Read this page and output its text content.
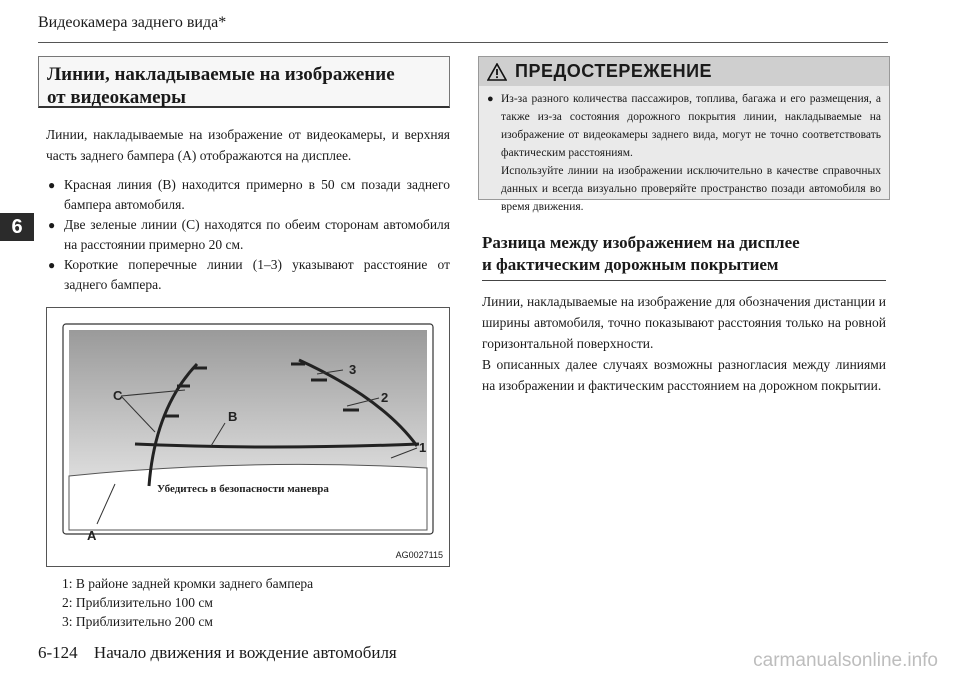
Видеокамера заднего вида*
6
Линии, накладываемые на изображение
от видеокамеры
Линии, накладываемые на изображение от видеокамеры, и верхняя часть заднего бампера (A) отображаются на дисплее.
● Красная линия (B) находится примерно в 50 см позади заднего бампера автомобиля.
● Две зеленые линии (C) находятся по обеим сторонам автомобиля на расстоянии примерно 20 см.
● Короткие поперечные линии (1–3) указывают расстояние от заднего бампера.
C
B
3
2
1
A
Убедитесь в безопасности маневра
AG0027115
1: В районе задней кромки заднего бампера
2: Приблизительно 100 см
3: Приблизительно 200 см
ПРЕДОСТЕРЕЖЕНИЕ
● Из-за разного количества пассажиров, топлива, багажа и его размещения, а также из-за состояния дорожного покрытия линии, накладываемые на изображение от видеокамеры заднего вида, могут не точно соответствовать фактическим расстояниям.
Используйте линии на изображении исключительно в качестве справочных данных и всегда визуально проверяйте пространство позади автомобиля во время движения.
Разница между изображением на дисплее
и фактическим дорожным покрытием
Линии, накладываемые на изображение для обозначения дистанции и ширины автомобиля, точно показывают расстояния только на ровной горизонтальной поверхности.
В описанных далее случаях возможны разногласия между линиями на изображении и фактическим расстоянием на дорожном покрытии.
6-124 Начало движения и вождение автомобиля	carmanualsonline.info
